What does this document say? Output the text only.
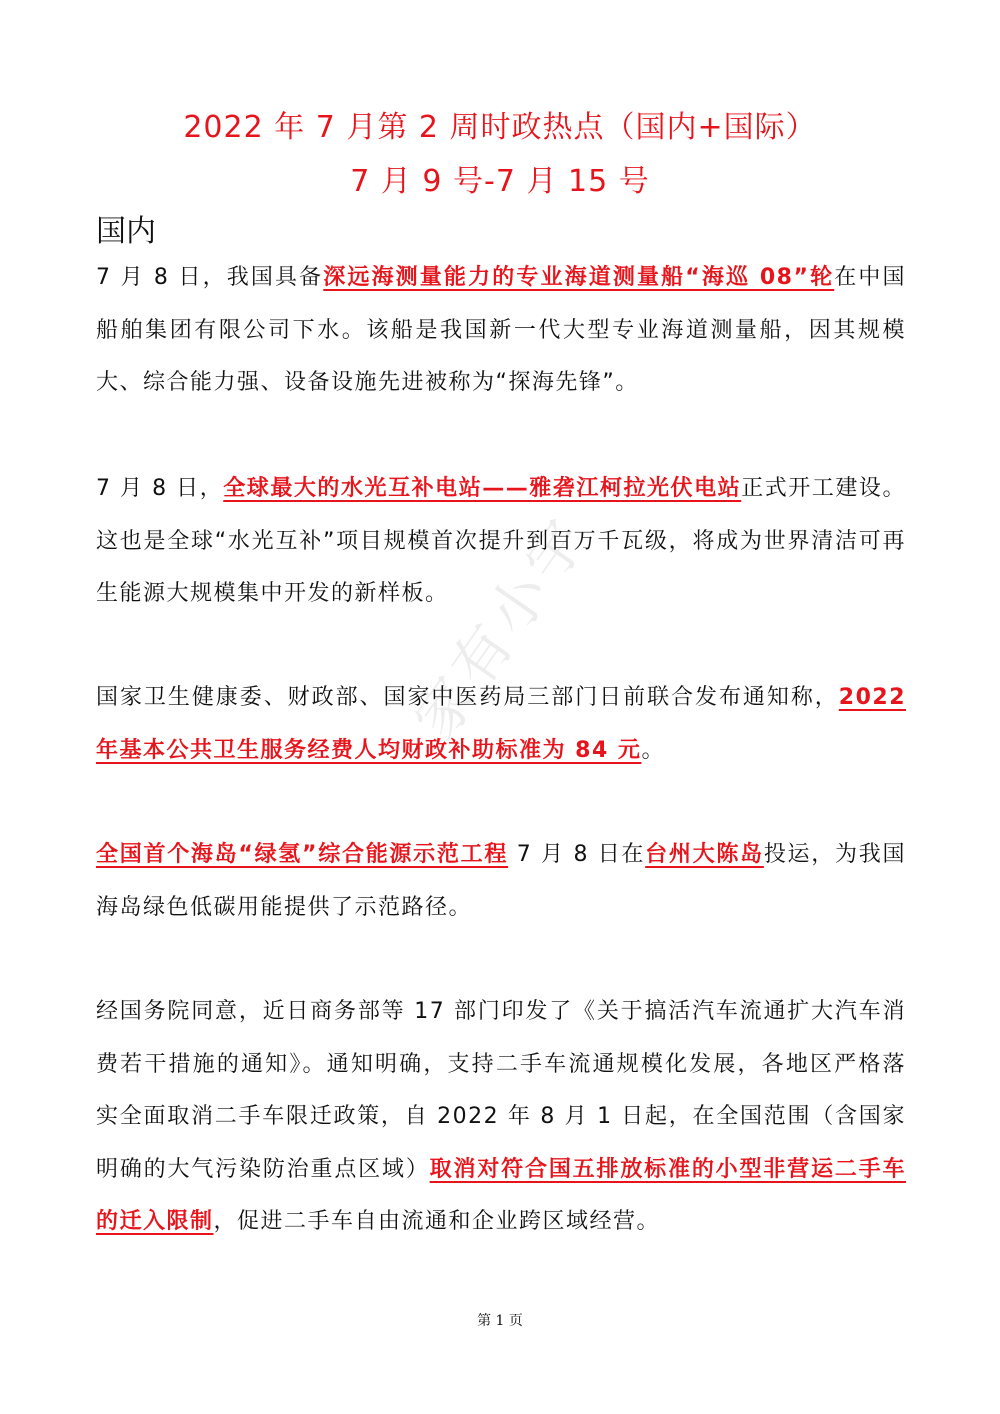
2022 年 7 月第 2 周时政热点（国内+国际）
7 月 9 号-7 月 15 号
国内

7 月 8 日，我国具备深远海测量能力的专业海道测量船“海巡 08”轮在中国船舶集团有限公司下水。该船是我国新一代大型专业海道测量船，因其规模大、综合能力强、设备设施先进被称为“探海先锋”。

7 月 8 日，全球最大的水光互补电站——雅砻江柯拉光伏电站正式开工建设。这也是全球“水光互补”项目规模首次提升到百万千瓦级，将成为世界清洁可再生能源大规模集中开发的新样板。

国家卫生健康委、财政部、国家中医药局三部门日前联合发布通知称，2022 年基本公共卫生服务经费人均财政补助标准为 84 元。

全国首个海岛“绿氢”综合能源示范工程 7 月 8 日在台州大陈岛投运，为我国海岛绿色低碳用能提供了示范路径。

经国务院同意，近日商务部等 17 部门印发了《关于搞活汽车流通扩大汽车消费若干措施的通知》。通知明确，支持二手车流通规模化发展，各地区严格落实全面取消二手车限迁政策，自 2022 年 8 月 1 日起，在全国范围（含国家明确的大气污染防治重点区域）取消对符合国五排放标准的小型非营运二手车的迁入限制，促进二手车自由流通和企业跨区域经营。

家有小宇
第 1 页
